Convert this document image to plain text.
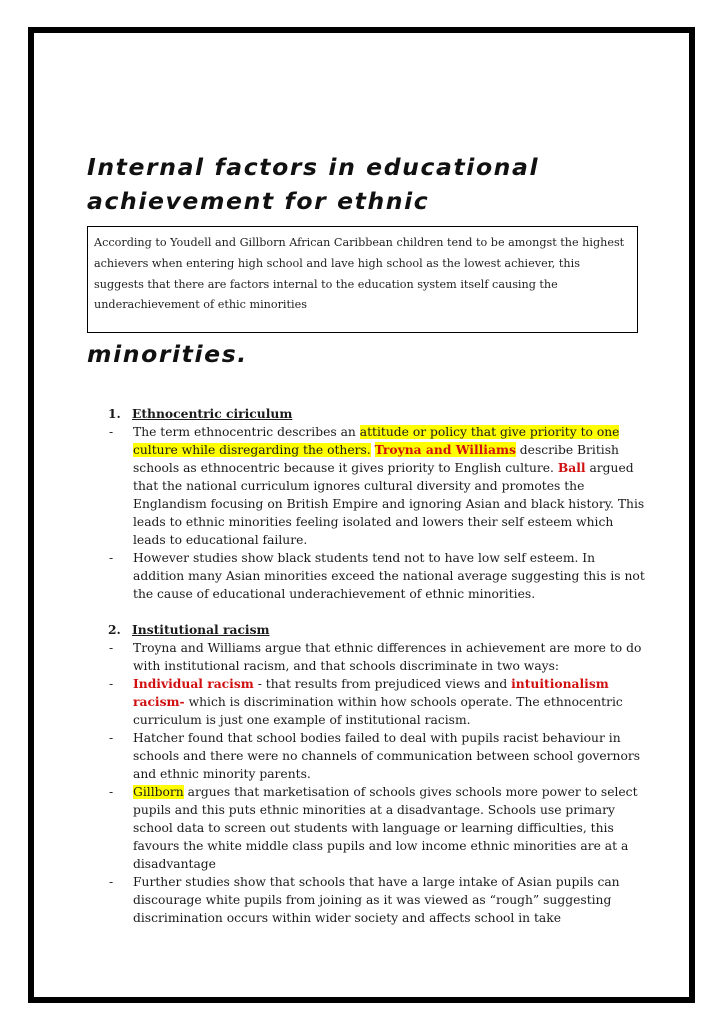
Internal factors in educational
achievement for ethnic
According to Youdell and Gillborn African Caribbean children tend to be amongst the highest achievers when entering high school and lave high school as the lowest achiever, this suggests that there are factors internal to the education system itself causing the underachievement of ethic minorities
minorities.
1. Ethnocentric ciriculum
-	The term ethnocentric describes an attitude or policy that give priority to one culture while disregarding the others. Troyna and Williams describe British schools as ethnocentric because it gives priority to English culture. Ball argued that the national curriculum ignores cultural diversity and promotes the Englandism focusing on British Empire and ignoring Asian and black history. This leads to ethnic minorities feeling isolated and lowers their self esteem which leads to educational failure.
-	However studies show black students tend not to have low self esteem. In addition many Asian minorities exceed the national average suggesting this is not the cause of educational underachievement of ethnic minorities.
2. Institutional racism
-	Troyna and Williams argue that ethnic differences in achievement are more to do with institutional racism, and that schools discriminate in two ways:
-	Individual racism - that results from prejudiced views and intuitionalism racism- which is discrimination within how schools operate. The ethnocentric curriculum is just one example of institutional racism.
-	Hatcher found that school bodies failed to deal with pupils racist behaviour in schools and there were no channels of communication between school governors and ethnic minority parents.
-	Gillborn argues that marketisation of schools gives schools more power to select pupils and this puts ethnic minorities at a disadvantage. Schools use primary school data to screen out students with language or learning difficulties, this favours the white middle class pupils and low income ethnic minorities are at a disadvantage
-	Further studies show that schools that have a large intake of Asian pupils can discourage white pupils from joining as it was viewed as “rough” suggesting discrimination occurs within wider society and affects school in take
